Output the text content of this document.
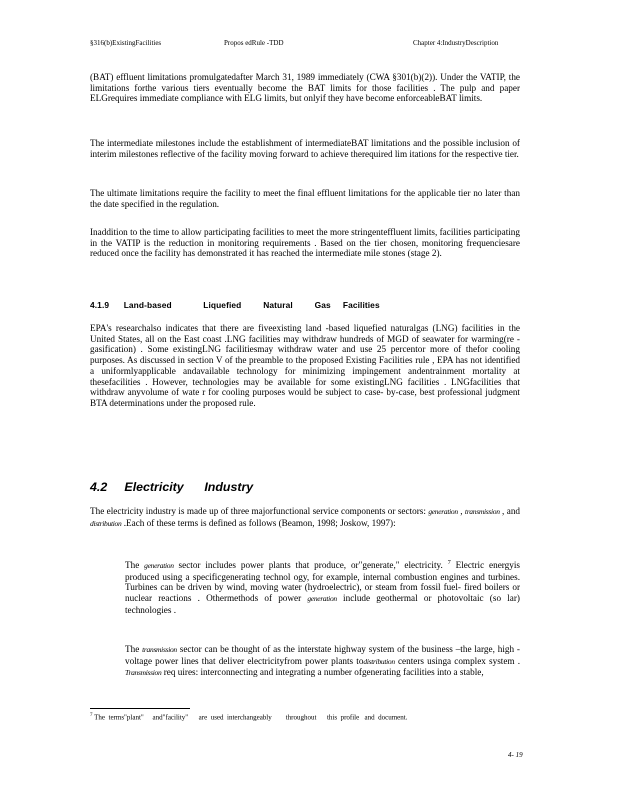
§316(b)ExistingFacilities	Propos edRule -TDD	Chapter 4:IndustryDescription
(BAT) effluent limitations promulgatedafter March 31, 1989 immediately (CWA §301(b)(2)). Under the VATIP, the limitations forthe various tiers eventually become the BAT limits for those facilities . The pulp and paper ELGrequires immediate compliance with ELG limits, but onlyif they have become enforceableBAT limits.
The intermediate milestones include the establishment of intermediateBAT limitations and the possible inclusion of interim milestones reflective of the facility moving forward to achieve therequired lim itations for the respective tier.
The ultimate limitations require the facility to meet the final effluent limitations for the applicable tier no later than the date specified in the regulation.
Inaddition to the time to allow participating facilities to meet the more stringenteffluent limits, facilities participating in the VATIP is the reduction in monitoring requirements . Based on the tier chosen, monitoring frequenciesare reduced once the facility has demonstrated it has reached the intermediate mile stones (stage 2).
4.1.9      Land-based             Liquefied         Natural         Gas     Facilities
EPA's researchalso indicates that there are fiveexisting land -based liquefied naturalgas (LNG) facilities in the United States, all on the East coast .LNG facilities may withdraw hundreds of MGD of seawater for warming(re - gasification) . Some existingLNG facilitiesmay withdraw water and use 25 percentor more of thefor cooling purposes. As discussed in section V of the preamble to the proposed Existing Facilities rule , EPA has not identified a uniformlyapplicable andavailable technology for minimizing impingement andentrainment mortality at thesefacilities . However, technologies may be available for some existingLNG facilities . LNGfacilities that withdraw anyvolume of wate r for cooling purposes would be subject to case- by-case, best professional judgment BTA determinations under the proposed rule.
4.2     Electricity      Industry
The electricity industry is made up of three majorfunctional service components or sectors: generation , transmission , and distribution .Each of these terms is defined as follows (Beamon, 1998; Joskow, 1997):
The generation sector includes power plants that produce, or"generate," electricity. $^7$ Electric energyis produced using a specificgenerating technol ogy, for example, internal combustion engines and turbines. Turbines can be driven by wind, moving water (hydroelectric), or steam from fossil fuel- fired boilers or nuclear reactions . Othermethods of power generation include geothermal or photovoltaic (so lar) technologies .
The transmission sector can be thought of as the interstate highway system of the business –the large, high - voltage power lines that deliver electricityfrom power plants todistribution centers usinga complex system . Transmission req uires: interconnecting and integrating a number ofgenerating facilities into a stable,
$^7$ The  terms"plant"     and"facility"      are  used  interchangeably        throughout      this  profile   and  document.
4- 19
